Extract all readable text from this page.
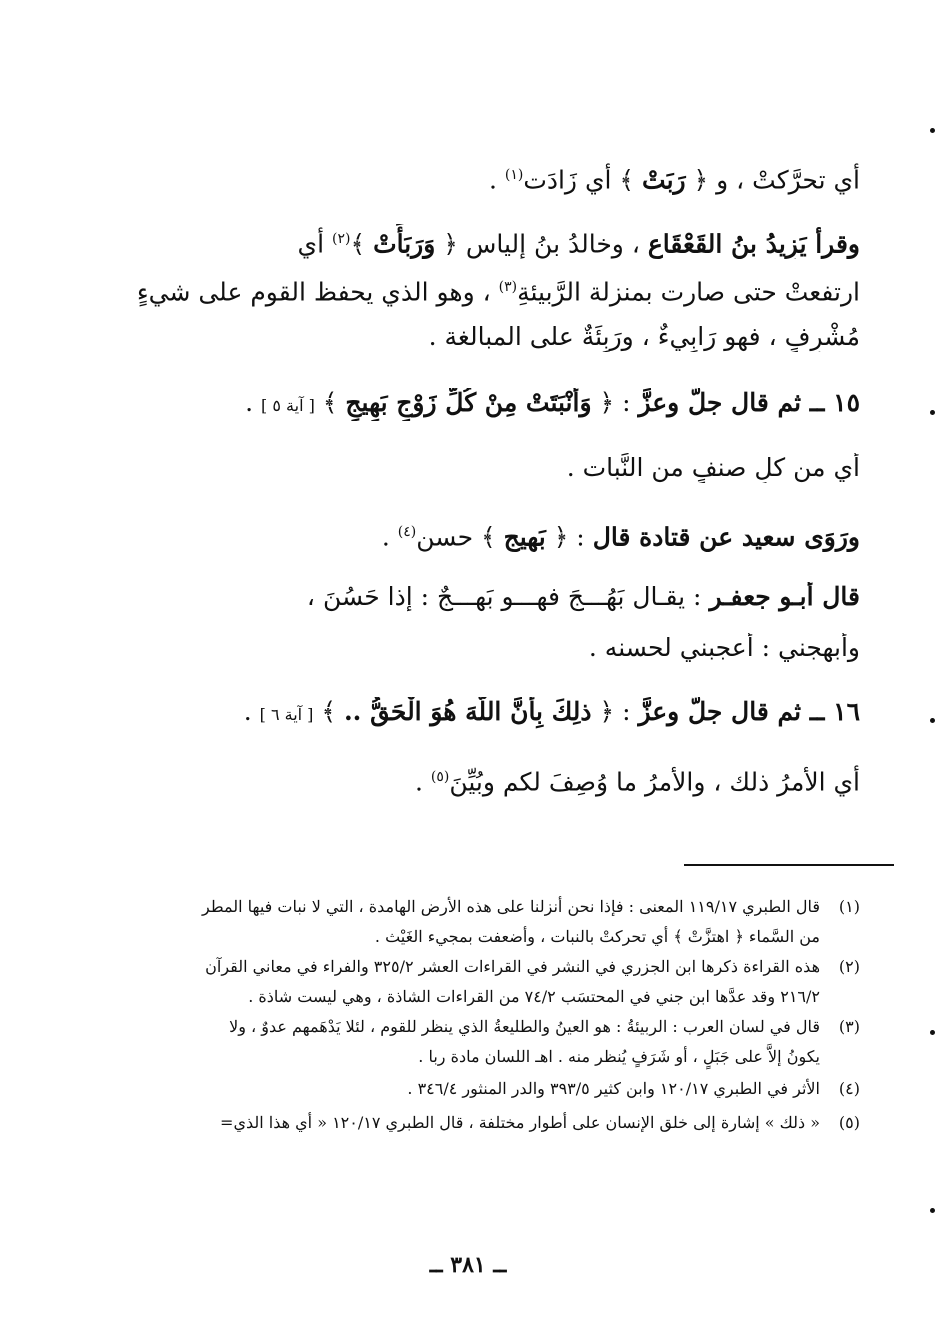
أي تحرَّكتْ ، و ﴿ رَبَتْ ﴾ أي زَادَت$^{(١)}$ .
وقرأ يَزِيدُ بنُ القَعْقَاعِ ، وخالدُ بنُ إلياس ﴿ وَرَبَأَتْ ﴾$^{(٢)}$ أي
ارتفعتْ حتى صارت بمنزلة الرَّبيئةِ$^{(٣)}$ ، وهو الذي يحفظ القوم على شيءٍ
مُشْرِفٍ ، فهو رَابِيءٌ ، ورَبِئَةٌ على المبالغة .
١٥ ــ ثم قال جلَّ وعزَّ : ﴿ وَأَنْبَتَتْ مِنْ كُلِّ زَوْجٍ بَهِيجٍ ﴾ [ آية ٥ ] .
أي من كلِ صنفٍ من النَّبات .
ورَوَى سعيد عن قتادة قال : ﴿ بَهِيج ﴾ حسن$^{(٤)}$ .
قال أبـو جعفـر : يقـال بَهُـــجَ فهـــو بَهِـــجٌ : إذا حَسُنَ ،
وأبهجني : أعجبني لحسنه .
١٦ ــ ثم قال جلَّ وعزَّ : ﴿ ذلِكَ بِأَنَّ اللَّهَ هُوَ الْحَقُّ .. ﴾ [ آية ٦ ] .
أي الأمرُ ذلك ، والأمرُ ما وُصِفَ لكم وبُيِّنَ$^{(٥)}$ .
(١)
قال الطبري ١١٩/١٧ المعنى : فإذا نحن أنزلنا على هذه الأرض الهامدة ، التي لا نبات فيها المطر
من السَّماء ﴿ اهتزَّتْ ﴾ أي تحركتْ بالنبات ، وأضعفت بمجيء الغَيْث .
(٢)
هذه القراءة ذكرها ابن الجزري في النشر في القراءات العشر ٣٢٥/٢ والفراء في معاني القرآن
٢١٦/٢ وقد عدَّها ابن جني في المحتسَب ٧٤/٢ من القراءات الشاذة ، وهي ليست شاذة .
(٣)
قال في لسان العرب : الربيئةُ : هو العينُ والطليعةُ الذي ينظر للقوم ، لئلا يَدْهَمهم عدوٌ ، ولا
يكونُ إلاَّ على جَبَلٍ ، أو شَرَفٍ يُنظر منه . اهـ اللسان مادة ربا .
(٤)
الأثر في الطبري ١٢٠/١٧ وابن كثير ٣٩٣/٥ والدر المنثور ٣٤٦/٤ .
(٥)
« ذلك » إشارة إلى خلق الإنسان على أطوار مختلفة ، قال الطبري ١٢٠/١٧ « أي هذا الذي=
ــ ٣٨١ ــ
